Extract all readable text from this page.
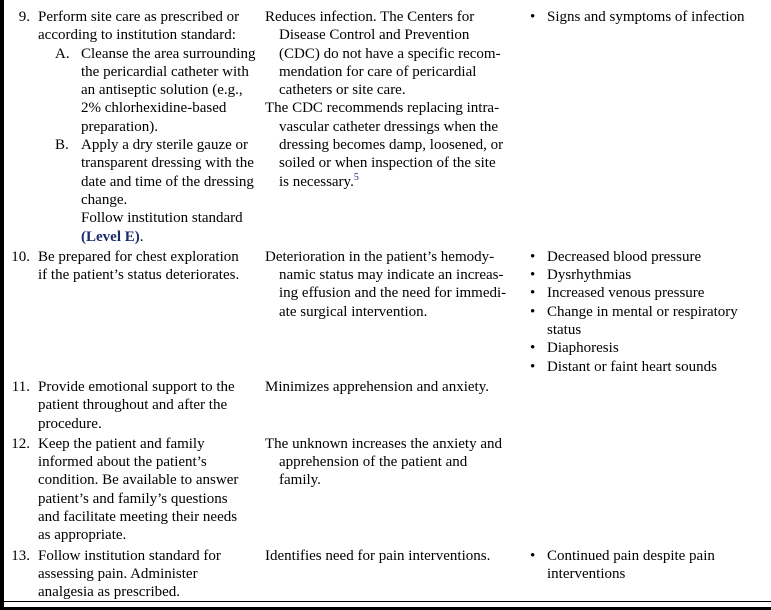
9. Perform site care as prescribed or
according to institution standard:
A. Cleanse the area surrounding
the pericardial catheter with
an antiseptic solution (e.g.,
2% chlorhexidine-based
preparation).
B. Apply a dry sterile gauze or
transparent dressing with the
date and time of the dressing
change.
Follow institution standard
(Level E).
Reduces infection. The Centers for
Disease Control and Prevention
(CDC) do not have a specific recom-
mendation for care of pericardial
catheters or site care.
The CDC recommends replacing intra-
vascular catheter dressings when the
dressing becomes damp, loosened, or
soiled or when inspection of the site
is necessary.$^5$
• Signs and symptoms of infection
10. Be prepared for chest exploration
if the patient’s status deteriorates.
Deterioration in the patient’s hemody-
namic status may indicate an increas-
ing effusion and the need for immedi-
ate surgical intervention.
• Decreased blood pressure
• Dysrhythmias
• Increased venous pressure
• Change in mental or respiratory status
• Diaphoresis
• Distant or faint heart sounds
11. Provide emotional support to the
patient throughout and after the
procedure.
Minimizes apprehension and anxiety.
12. Keep the patient and family
informed about the patient’s
condition. Be available to answer
patient’s and family’s questions
and facilitate meeting their needs
as appropriate.
The unknown increases the anxiety and
apprehension of the patient and
family.
13. Follow institution standard for
assessing pain. Administer
analgesia as prescribed.
Identifies need for pain interventions.	• Continued pain despite pain interventions
